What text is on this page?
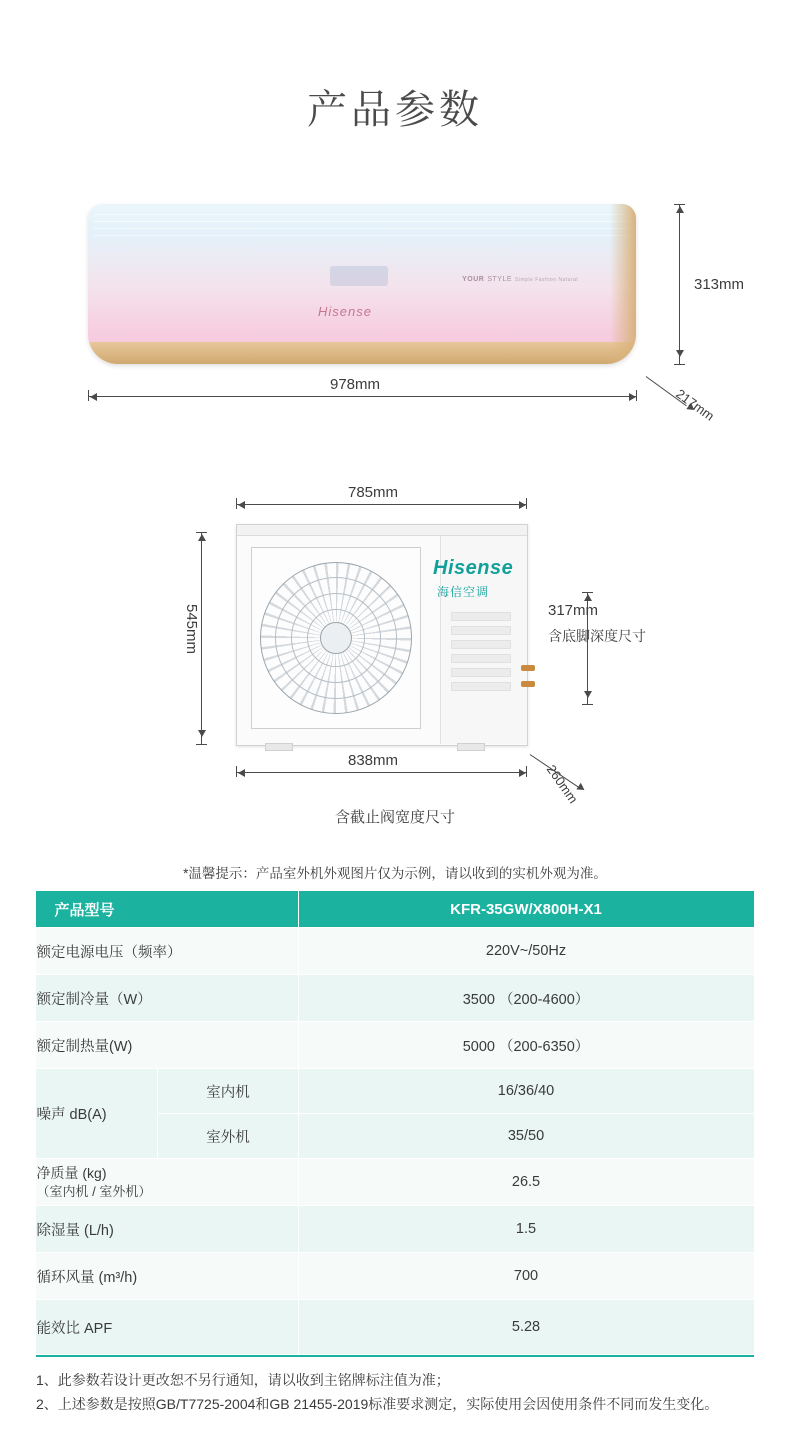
产品参数
Hisense
YOUR STYLE Simple Fashion Natural	313mm
978mm
217mm
785mm
Hisense
海信空调
545mm
838mm
260mm
317mm
含底脚深度尺寸
含截止阀宽度尺寸
*温馨提示：产品室外机外观图片仅为示例，请以收到的实机外观为准。
产品型号		KFR-35GW/X800H-X1
额定电源电压（频率）		220V~/50Hz
额定制冷量（W）		3500 （200-4600）
额定制热量(W)		5000 （200-6350）
噪声 dB(A)	室内机	16/36/40
	室外机	35/50

净质量 (kg)
（室内机 / 室外机）		26.5
除湿量 (L/h)		1.5
循环风量 (m³/h)		700
能效比 APF		5.28
1、此参数若设计更改恕不另行通知，请以收到主铭牌标注值为准；
2、上述参数是按照GB/T7725-2004和GB 21455-2019标准要求测定，实际使用会因使用条件不同而发生变化。
